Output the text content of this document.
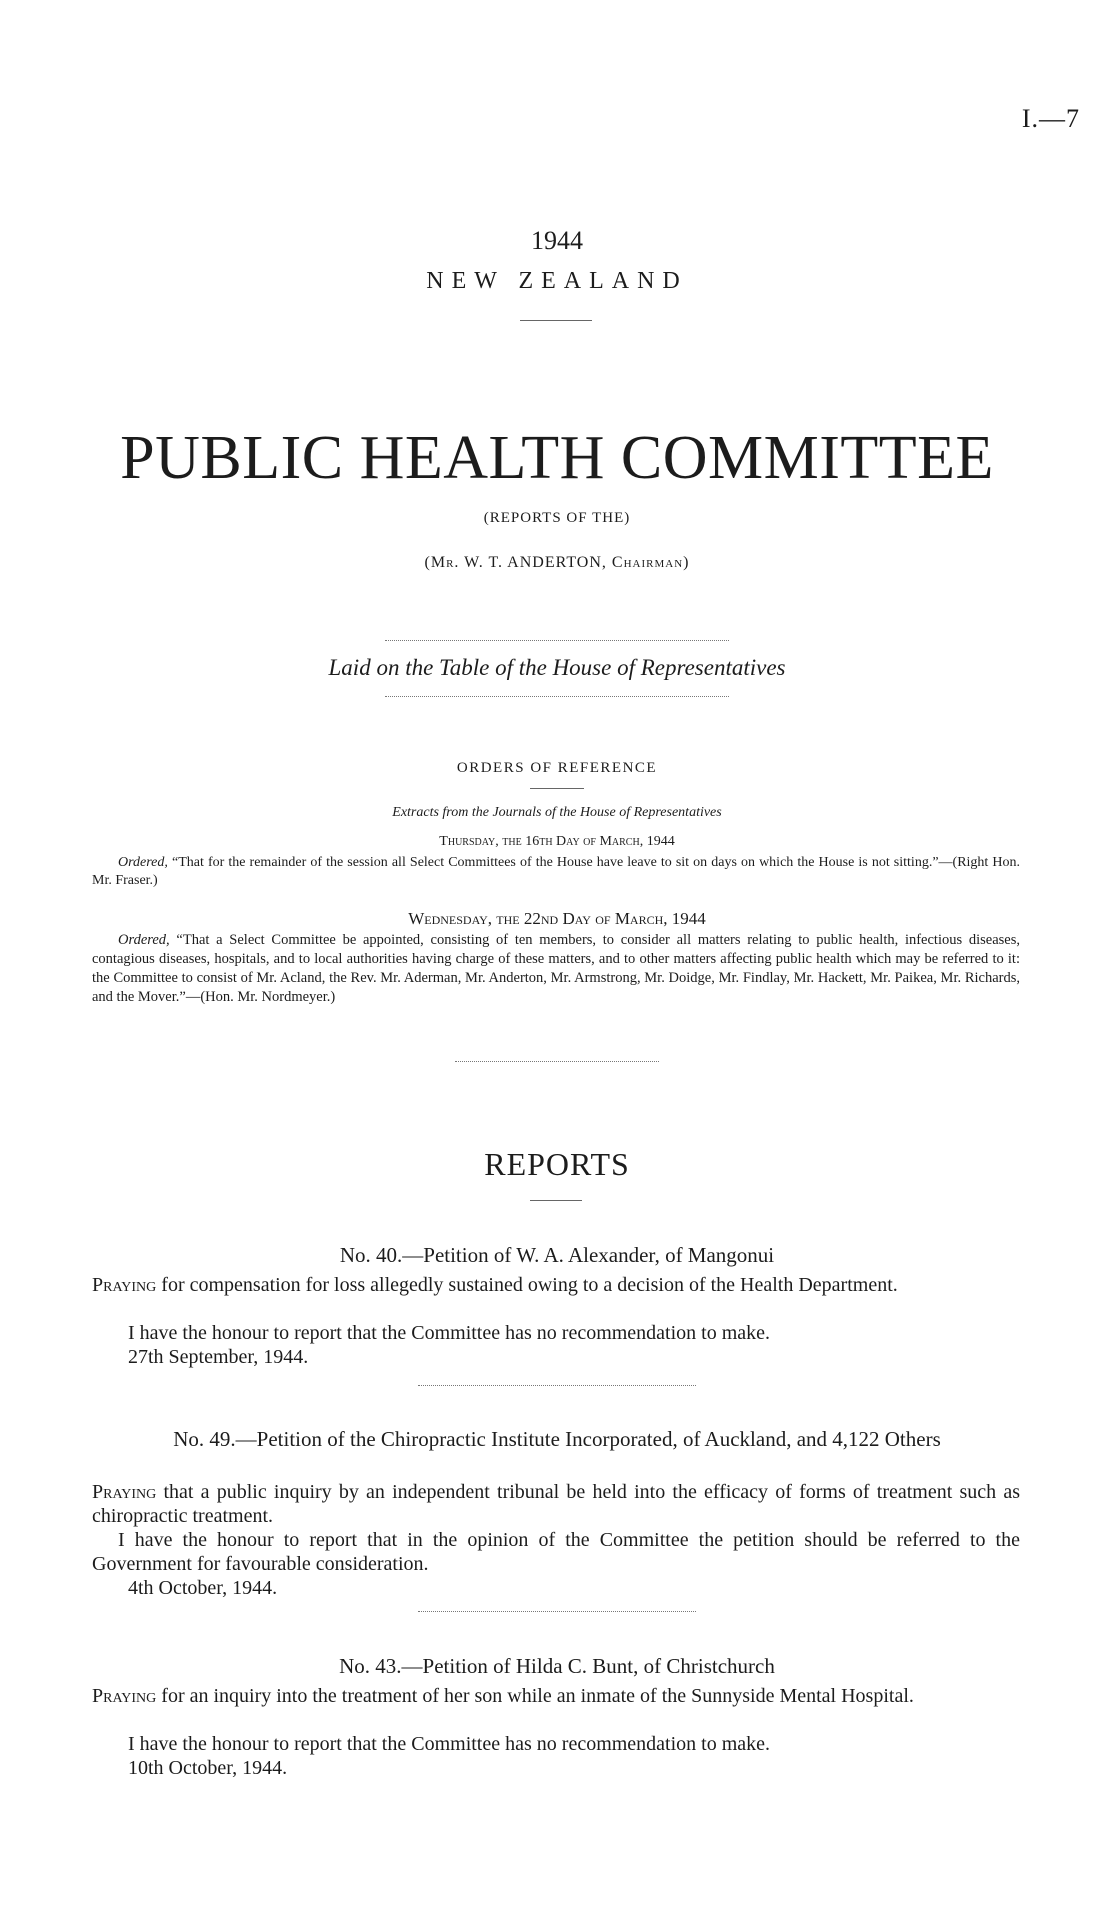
I.—7
1944
NEW ZEALAND
PUBLIC HEALTH COMMITTEE
(REPORTS OF THE)
(Mr. W. T. ANDERTON, Chairman)
Laid on the Table of the House of Representatives
ORDERS OF REFERENCE
Extracts from the Journals of the House of Representatives
Thursday, the 16th Day of March, 1944
Ordered, “That for the remainder of the session all Select Committees of the House have leave to sit on days on which the House is not sitting.”—(Right Hon. Mr. Fraser.)
Wednesday, the 22nd Day of March, 1944
Ordered, “That a Select Committee be appointed, consisting of ten members, to consider all matters relating to public health, infectious diseases, contagious diseases, hospitals, and to local authorities having charge of these matters, and to other matters affecting public health which may be referred to it: the Committee to consist of Mr. Acland, the Rev. Mr. Aderman, Mr. Anderton, Mr. Armstrong, Mr. Doidge, Mr. Findlay, Mr. Hackett, Mr. Paikea, Mr. Richards, and the Mover.”—(Hon. Mr. Nordmeyer.)
REPORTS
No. 40.—Petition of W. A. Alexander, of Mangonui
Praying for compensation for loss allegedly sustained owing to a decision of the Health Department.
I have the honour to report that the Committee has no recommendation to make.
27th September, 1944.
No. 49.—Petition of the Chiropractic Institute Incorporated, of Auckland, and 4,122 Others
Praying that a public inquiry by an independent tribunal be held into the efficacy of forms of treatment such as chiropractic treatment.
I have the honour to report that in the opinion of the Committee the petition should be referred to the Government for favourable consideration.
4th October, 1944.
No. 43.—Petition of Hilda C. Bunt, of Christchurch
Praying for an inquiry into the treatment of her son while an inmate of the Sunnyside Mental Hospital.
I have the honour to report that the Committee has no recommendation to make.
10th October, 1944.
